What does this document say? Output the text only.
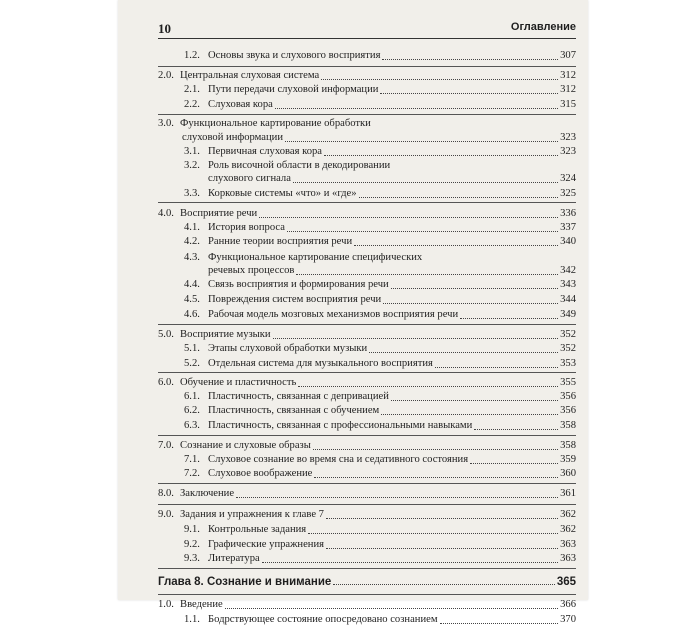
10	Оглавление
1.2. Основы звука и слухового восприятия	307
2.0. Центральная слуховая система	312
2.1. Пути передачи слуховой информации	312
2.2. Слуховая кора	315
3.0. Функциональное картирование обработки
слуховой информации	323
3.1. Первичная слуховая кора	323
3.2. Роль височной области в декодировании
слухового сигнала	324
3.3. Корковые системы «что» и «где»	325
4.0. Восприятие речи	336
4.1. История вопроса	337
4.2. Ранние теории восприятия речи	340
4.3. Функциональное картирование специфических
речевых процессов	342
4.4. Связь восприятия и формирования речи	343
4.5. Повреждения систем восприятия речи	344
4.6. Рабочая модель мозговых механизмов восприятия речи	349
5.0. Восприятие музыки	352
5.1. Этапы слуховой обработки музыки	352
5.2. Отдельная система для музыкального восприятия	353
6.0. Обучение и пластичность	355
6.1. Пластичность, связанная с депривацией	356
6.2. Пластичность, связанная с обучением	356
6.3. Пластичность, связанная с профессиональными навыками	358
7.0. Сознание и слуховые образы	358
7.1. Слуховое сознание во время сна и седативного состояния	359
7.2. Слуховое воображение	360
8.0. Заключение	361
9.0. Задания и упражнения к главе 7	362
9.1. Контрольные задания	362
9.2. Графические упражнения	363
9.3. Литература	363
Глава 8. Сознание и внимание	365
1.0. Введение	366
1.1. Бодрствующее состояние опосредовано сознанием	370
